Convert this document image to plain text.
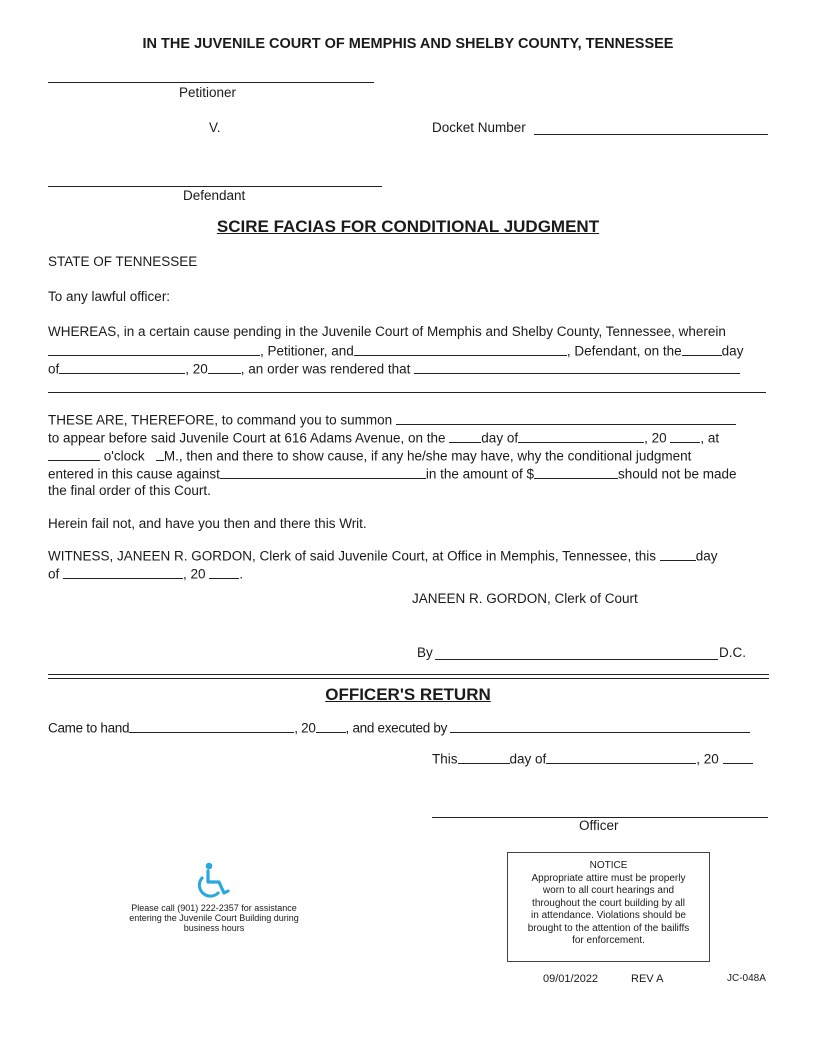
IN THE JUVENILE COURT OF MEMPHIS AND SHELBY COUNTY, TENNESSEE
Petitioner
V.	Docket Number
Defendant
SCIRE FACIAS FOR CONDITIONAL JUDGMENT
STATE OF TENNESSEE
To any lawful officer:
WHEREAS, in a certain cause pending in the Juvenile Court of Memphis and Shelby County, Tennessee, wherein
, Petitioner, and	, Defendant, on the	day
of	, 20 , an order was rendered that
THESE ARE, THEREFORE, to command you to summon
to appear before said Juvenile Court at 616 Adams Avenue, on the	day of	, 20	, at
o'clock M., then and there to show cause, if any he/she may have, why the conditional judgment
entered in this cause against	in the amount of $	should not be made
the final order of this Court.
Herein fail not, and have you then and there this Writ.
WITNESS, JANEEN R. GORDON, Clerk of said Juvenile Court, at Office in Memphis, Tennessee, this	day
of	, 20	.
JANEEN R. GORDON, Clerk of Court
By	D.C.
OFFICER'S RETURN
Came to hand	, 20 , and executed by
This	day of	, 20
Officer
Please call (901) 222-2357 for assistance
entering the Juvenile Court Building during
business hours
NOTICE
Appropriate attire must be properly
worn to all court hearings and
throughout the court building by all
in attendance. Violations should be
brought to the attention of the bailiffs
for enforcement.
09/01/2022	REV A	JC-048A
